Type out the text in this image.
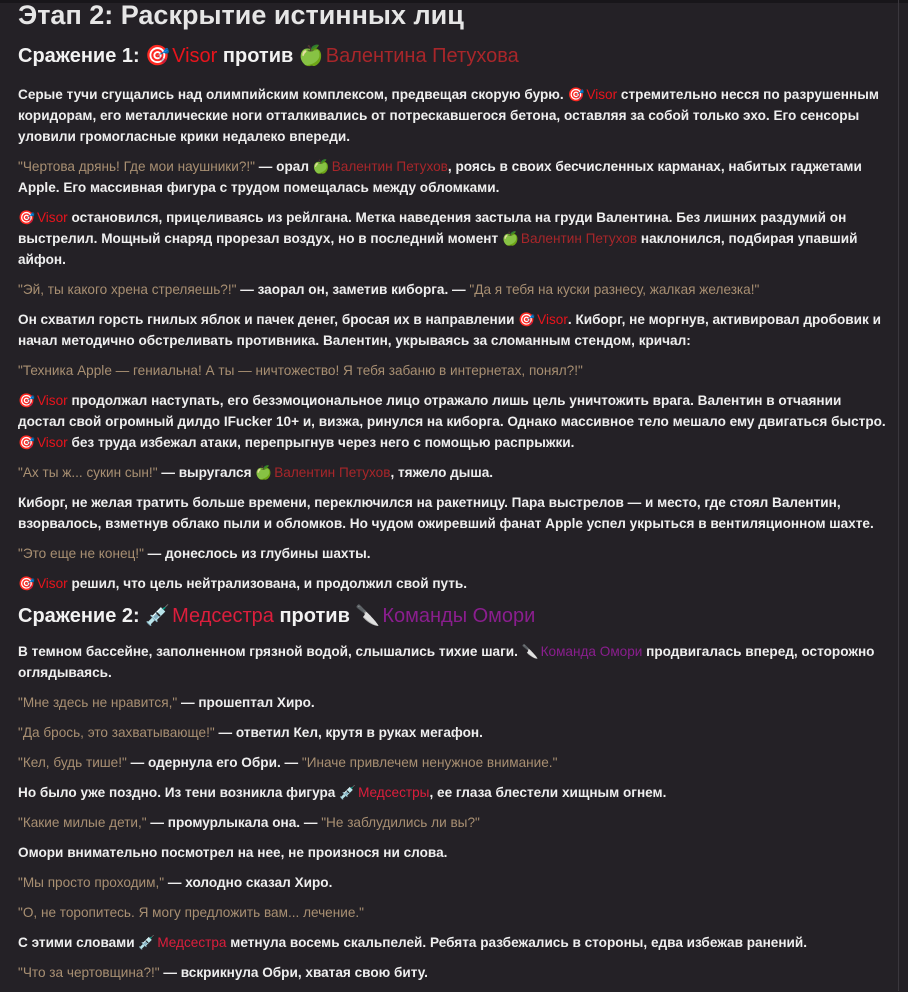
Этап 2: Раскрытие истинных лиц
Сражение 1: 🎯 Visor против 🍏 Валентина Петухова

Серые тучи сгущались над олимпийским комплексом, предвещая скорую бурю. 🎯 Visor стремительно несся по разрушенным коридорам, его металлические ноги отталкивались от потрескавшегося бетона, оставляя за собой только эхо. Его сенсоры уловили громогласные крики недалеко впереди.

"Чертова дрянь! Где мои наушники?!" — орал 🍏 Валентин Петухов, роясь в своих бесчисленных карманах, набитых гаджетами Apple. Его массивная фигура с трудом помещалась между обломками.

🎯 Visor остановился, прицеливаясь из рейлгана. Метка наведения застыла на груди Валентина. Без лишних раздумий он выстрелил. Мощный снаряд прорезал воздух, но в последний момент 🍏 Валентин Петухов наклонился, подбирая упавший айфон.

"Эй, ты какого хрена стреляешь?!" — заорал он, заметив киборга. — "Да я тебя на куски разнесу, жалкая железка!"

Он схватил горсть гнилых яблок и пачек денег, бросая их в направлении 🎯 Visor. Киборг, не моргнув, активировал дробовик и начал методично обстреливать противника. Валентин, укрываясь за сломанным стендом, кричал:

"Техника Apple — гениальна! А ты — ничтожество! Я тебя забаню в интернетах, понял?!"

🎯 Visor продолжал наступать, его безэмоциональное лицо отражало лишь цель уничтожить врага. Валентин в отчаянии достал свой огромный дилдо IFucker 10+ и, визжа, ринулся на киборга. Однако массивное тело мешало ему двигаться быстро. 🎯 Visor без труда избежал атаки, перепрыгнув через него с помощью распрыжки.

"Ах ты ж... сукин сын!" — выругался 🍏 Валентин Петухов, тяжело дыша.

Киборг, не желая тратить больше времени, переключился на ракетницу. Пара выстрелов — и место, где стоял Валентин, взорвалось, взметнув облако пыли и обломков. Но чудом ожиревший фанат Apple успел укрыться в вентиляционном шахте.

"Это еще не конец!" — донеслось из глубины шахты.

🎯 Visor решил, что цель нейтрализована, и продолжил свой путь.

Сражение 2: 💉 Медсестра против 🔪 Команды Омори

В темном бассейне, заполненном грязной водой, слышались тихие шаги. 🔪 Команда Омори продвигалась вперед, осторожно оглядываясь.

"Мне здесь не нравится," — прошептал Хиро.

"Да брось, это захватывающе!" — ответил Кел, крутя в руках мегафон.

"Кел, будь тише!" — одернула его Обри. — "Иначе привлечем ненужное внимание."

Но было уже поздно. Из тени возникла фигура 💉 Медсестры, ее глаза блестели хищным огнем.

"Какие милые дети," — промурлыкала она. — "Не заблудились ли вы?"

Омори внимательно посмотрел на нее, не произнося ни слова.

"Мы просто проходим," — холодно сказал Хиро.

"О, не торопитесь. Я могу предложить вам... лечение."

С этими словами 💉 Медсестра метнула восемь скальпелей. Ребята разбежались в стороны, едва избежав ранений.

"Что за чертовщина?!" — вскрикнула Обри, хватая свою биту.
